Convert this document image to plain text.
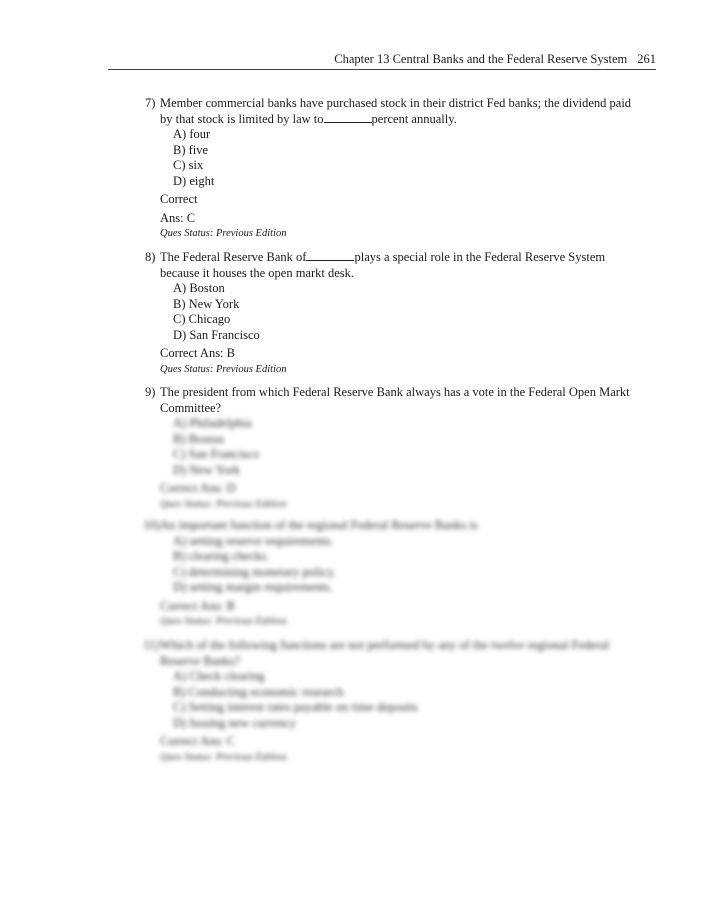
Chapter 13 Central Banks and the Federal Reserve System 261
7) Member commercial banks have purchased stock in their district Fed banks; the dividend paid by that stock is limited by law to	percent annually.
A) four
B) five
C) six
D) eight
Correct
Ans: C
Ques Status: Previous Edition
8) The Federal Reserve Bank of	plays a special role in the Federal Reserve System because it houses the open markt desk.
A) Boston
B) New York
C) Chicago
D) San Francisco
Correct Ans: B
Ques Status: Previous Edition
9) The president from which Federal Reserve Bank always has a vote in the Federal Open Markt Committee?
A) Philadelphia
B) Boston
C) San Francisco
D) New York
Correct Ans: D
Ques Status: Previous Edition
10) An important function of the regional Federal Reserve Banks is
A) setting reserve requirements.
B) clearing checks.
C) determining monetary policy.
D) setting margin requirements.
Correct Ans: B
Ques Status: Previous Edition
11) Which of the following functions are not performed by any of the twelve regional Federal Reserve Banks?
A) Check clearing
B) Conducting economic research
C) Setting interest rates payable on time deposits
D) Issuing new currency
Correct Ans: C
Ques Status: Previous Edition
